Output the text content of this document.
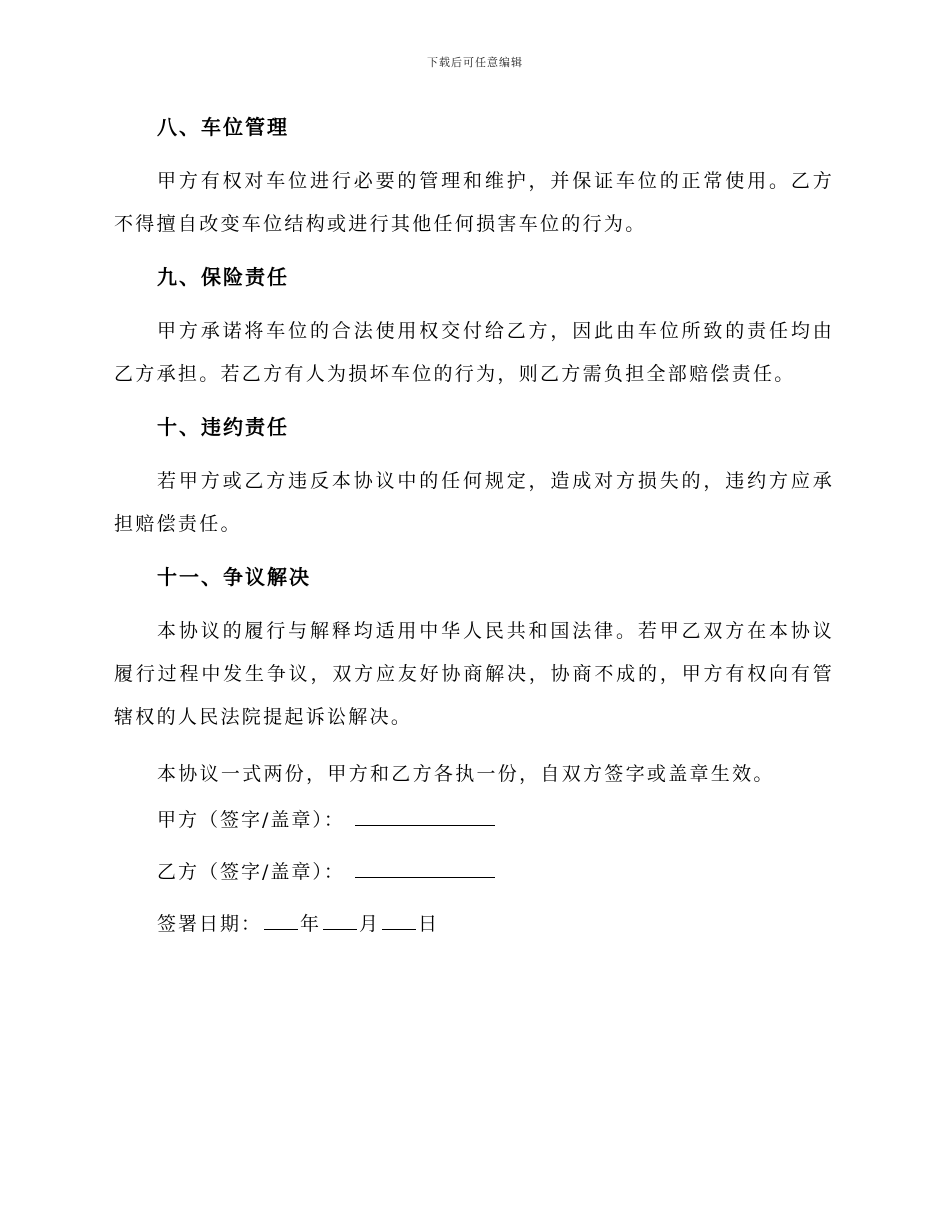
下载后可任意编辑
八、车位管理

甲方有权对车位进行必要的管理和维护，并保证车位的正常使用。乙方不得擅自改变车位结构或进行其他任何损害车位的行为。

九、保险责任

甲方承诺将车位的合法使用权交付给乙方，因此由车位所致的责任均由乙方承担。若乙方有人为损坏车位的行为，则乙方需负担全部赔偿责任。

十、违约责任

若甲方或乙方违反本协议中的任何规定，造成对方损失的，违约方应承担赔偿责任。

十一、争议解决

本协议的履行与解释均适用中华人民共和国法律。若甲乙双方在本协议履行过程中发生争议，双方应友好协商解决，协商不成的，甲方有权向有管辖权的人民法院提起诉讼解决。

本协议一式两份，甲方和乙方各执一份，自双方签字或盖章生效。

甲方（签字/盖章）：
乙方（签字/盖章）：
签署日期： 年 月 日
